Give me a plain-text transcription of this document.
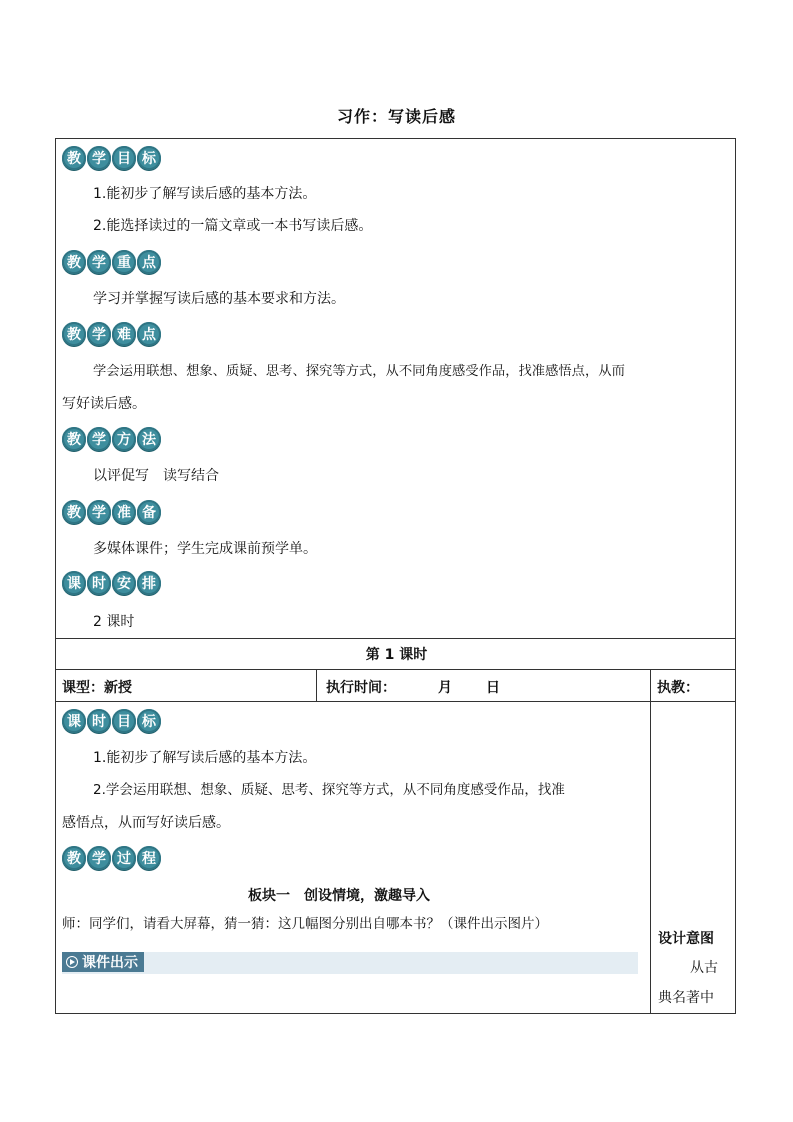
习作：写读后感
教 学 目 标
1.能初步了解写读后感的基本方法。
2.能选择读过的一篇文章或一本书写读后感。
教 学 重 点
学习并掌握写读后感的基本要求和方法。
教 学 难 点
学会运用联想、想象、质疑、思考、探究等方式，从不同角度感受作品，找准感悟点，从而
写好读后感。
教 学 方 法
以评促写　读写结合
教 学 准 备
多媒体课件；学生完成课前预学单。
课 时 安 排
2 课时
第 1 课时
课型：新授	执行时间：	月 日	执教：
课 时 目 标
1.能初步了解写读后感的基本方法。
2.学会运用联想、想象、质疑、思考、探究等方式，从不同角度感受作品，找准
感悟点，从而写好读后感。
教 学 过 程
板块一　创设情境，激趣导入
师：同学们，请看大屏幕，猜一猜：这几幅图分别出自哪本书？（课件出示图片）
课件出示
设计意图
从古
典名著中
